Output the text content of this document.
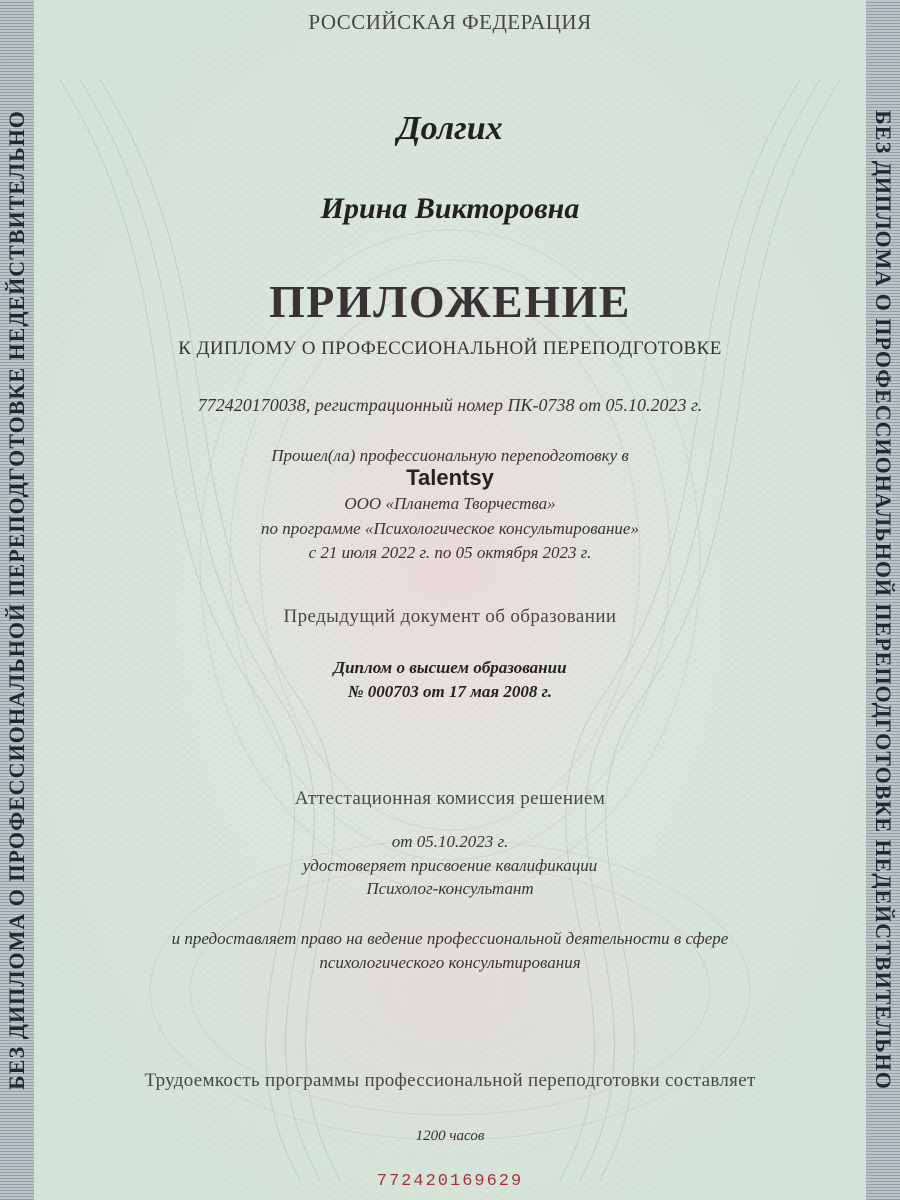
БЕЗ ДИПЛОМА О ПРОФЕССИОНАЛЬНОЙ ПЕРЕПОДГОТОВКЕ НЕДЕЙСТВИТЕЛЬНО	БЕЗ ДИПЛОМА О ПРОФЕССИОНАЛЬНОЙ ПЕРЕПОДГОТОВКЕ НЕДЕЙСТВИТЕЛЬНО
РОССИЙСКАЯ ФЕДЕРАЦИЯ
Долгих
Ирина Викторовна
ПРИЛОЖЕНИЕ
К ДИПЛОМУ О ПРОФЕССИОНАЛЬНОЙ ПЕРЕПОДГОТОВКЕ
772420170038, регистрационный номер ПК-0738 от 05.10.2023 г.
Прошел(ла) профессиональную переподготовку в
Talentsy
ООО «Планета Творчества»
по программе «Психологическое консультирование»
с 21 июля 2022 г. по 05 октября 2023 г.
Предыдущий документ об образовании
Диплом о высшем образовании
№ 000703 от 17 мая 2008 г.
Аттестационная комиссия решением
от 05.10.2023 г.
удостоверяет присвоение квалификации
Психолог-консультант
и предоставляет право на ведение профессиональной деятельности в сфере
психологического консультирования
Трудоемкость программы профессиональной переподготовки составляет
1200 часов
772420169629
